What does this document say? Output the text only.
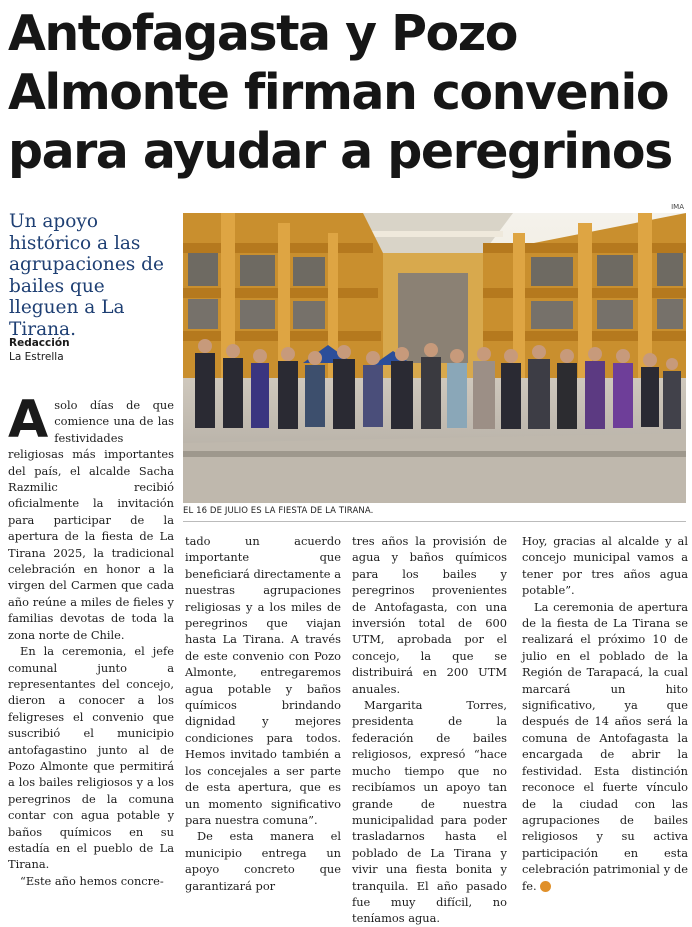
Antofagasta y Pozo
Almonte firman convenio
para ayudar a peregrinos
Un apoyo histórico a las agrupaciones de bailes que lleguen a La Tirana.
Redacción
La Estrella
IMA
EL 16 DE JULIO ES LA FIESTA DE LA TIRANA.

Asolo días de que comience una de las festividades religiosas más importantes del país, el alcalde Sacha Razmilic recibió oficialmente la invitación para participar de la apertura de la fiesta de La Tirana 2025, la tradicional celebración en honor a la virgen del Carmen que cada año reúne a miles de fieles y familias devotas de toda la zona norte de Chile.

En la ceremonia, el jefe comunal junto a representantes del concejo, dieron a conocer a los feligreses el convenio que suscribió el municipio antofagastino junto al de Pozo Almonte que permitirá a los bailes religiosos y a los peregrinos de la comuna contar con agua potable y baños químicos en su estadía en el pueblo de La Tirana.

“Este año hemos concre-

tado un acuerdo importante que beneficiará directamente a nuestras agrupaciones religiosas y a los miles de peregrinos que viajan hasta La Tirana. A través de este convenio con Pozo Almonte, entregaremos agua potable y baños químicos brindando dignidad y mejores condiciones para todos. Hemos invitado también a los concejales a ser parte de esta apertura, que es un momento significativo para nuestra comuna”.

De esta manera el municipio entrega un apoyo concreto que garantizará por

tres años la provisión de agua y baños químicos para los bailes y peregrinos provenientes de Antofagasta, con una inversión total de 600 UTM, aprobada por el concejo, la que se distribuirá en 200 UTM anuales.

Margarita Torres, presidenta de la federación de bailes religiosos, expresó “hace mucho tiempo que no recibíamos un apoyo tan grande de nuestra municipalidad para poder trasladarnos hasta el poblado de La Tirana y vivir una fiesta bonita y tranquila. El año pasado fue muy difícil, no teníamos agua.

Hoy, gracias al alcalde y al concejo municipal vamos a tener por tres años agua potable”.

La ceremonia de apertura de la fiesta de La Tirana se realizará el próximo 10 de julio en el poblado de la Región de Tarapacá, la cual marcará un hito significativo, ya que después de 14 años será la comuna de Antofagasta la encargada de abrir la festividad. Esta distinción reconoce el fuerte vínculo de la ciudad con las agrupaciones de bailes religiosos y su activa participación en esta celebración patrimonial y de fe. ✪
